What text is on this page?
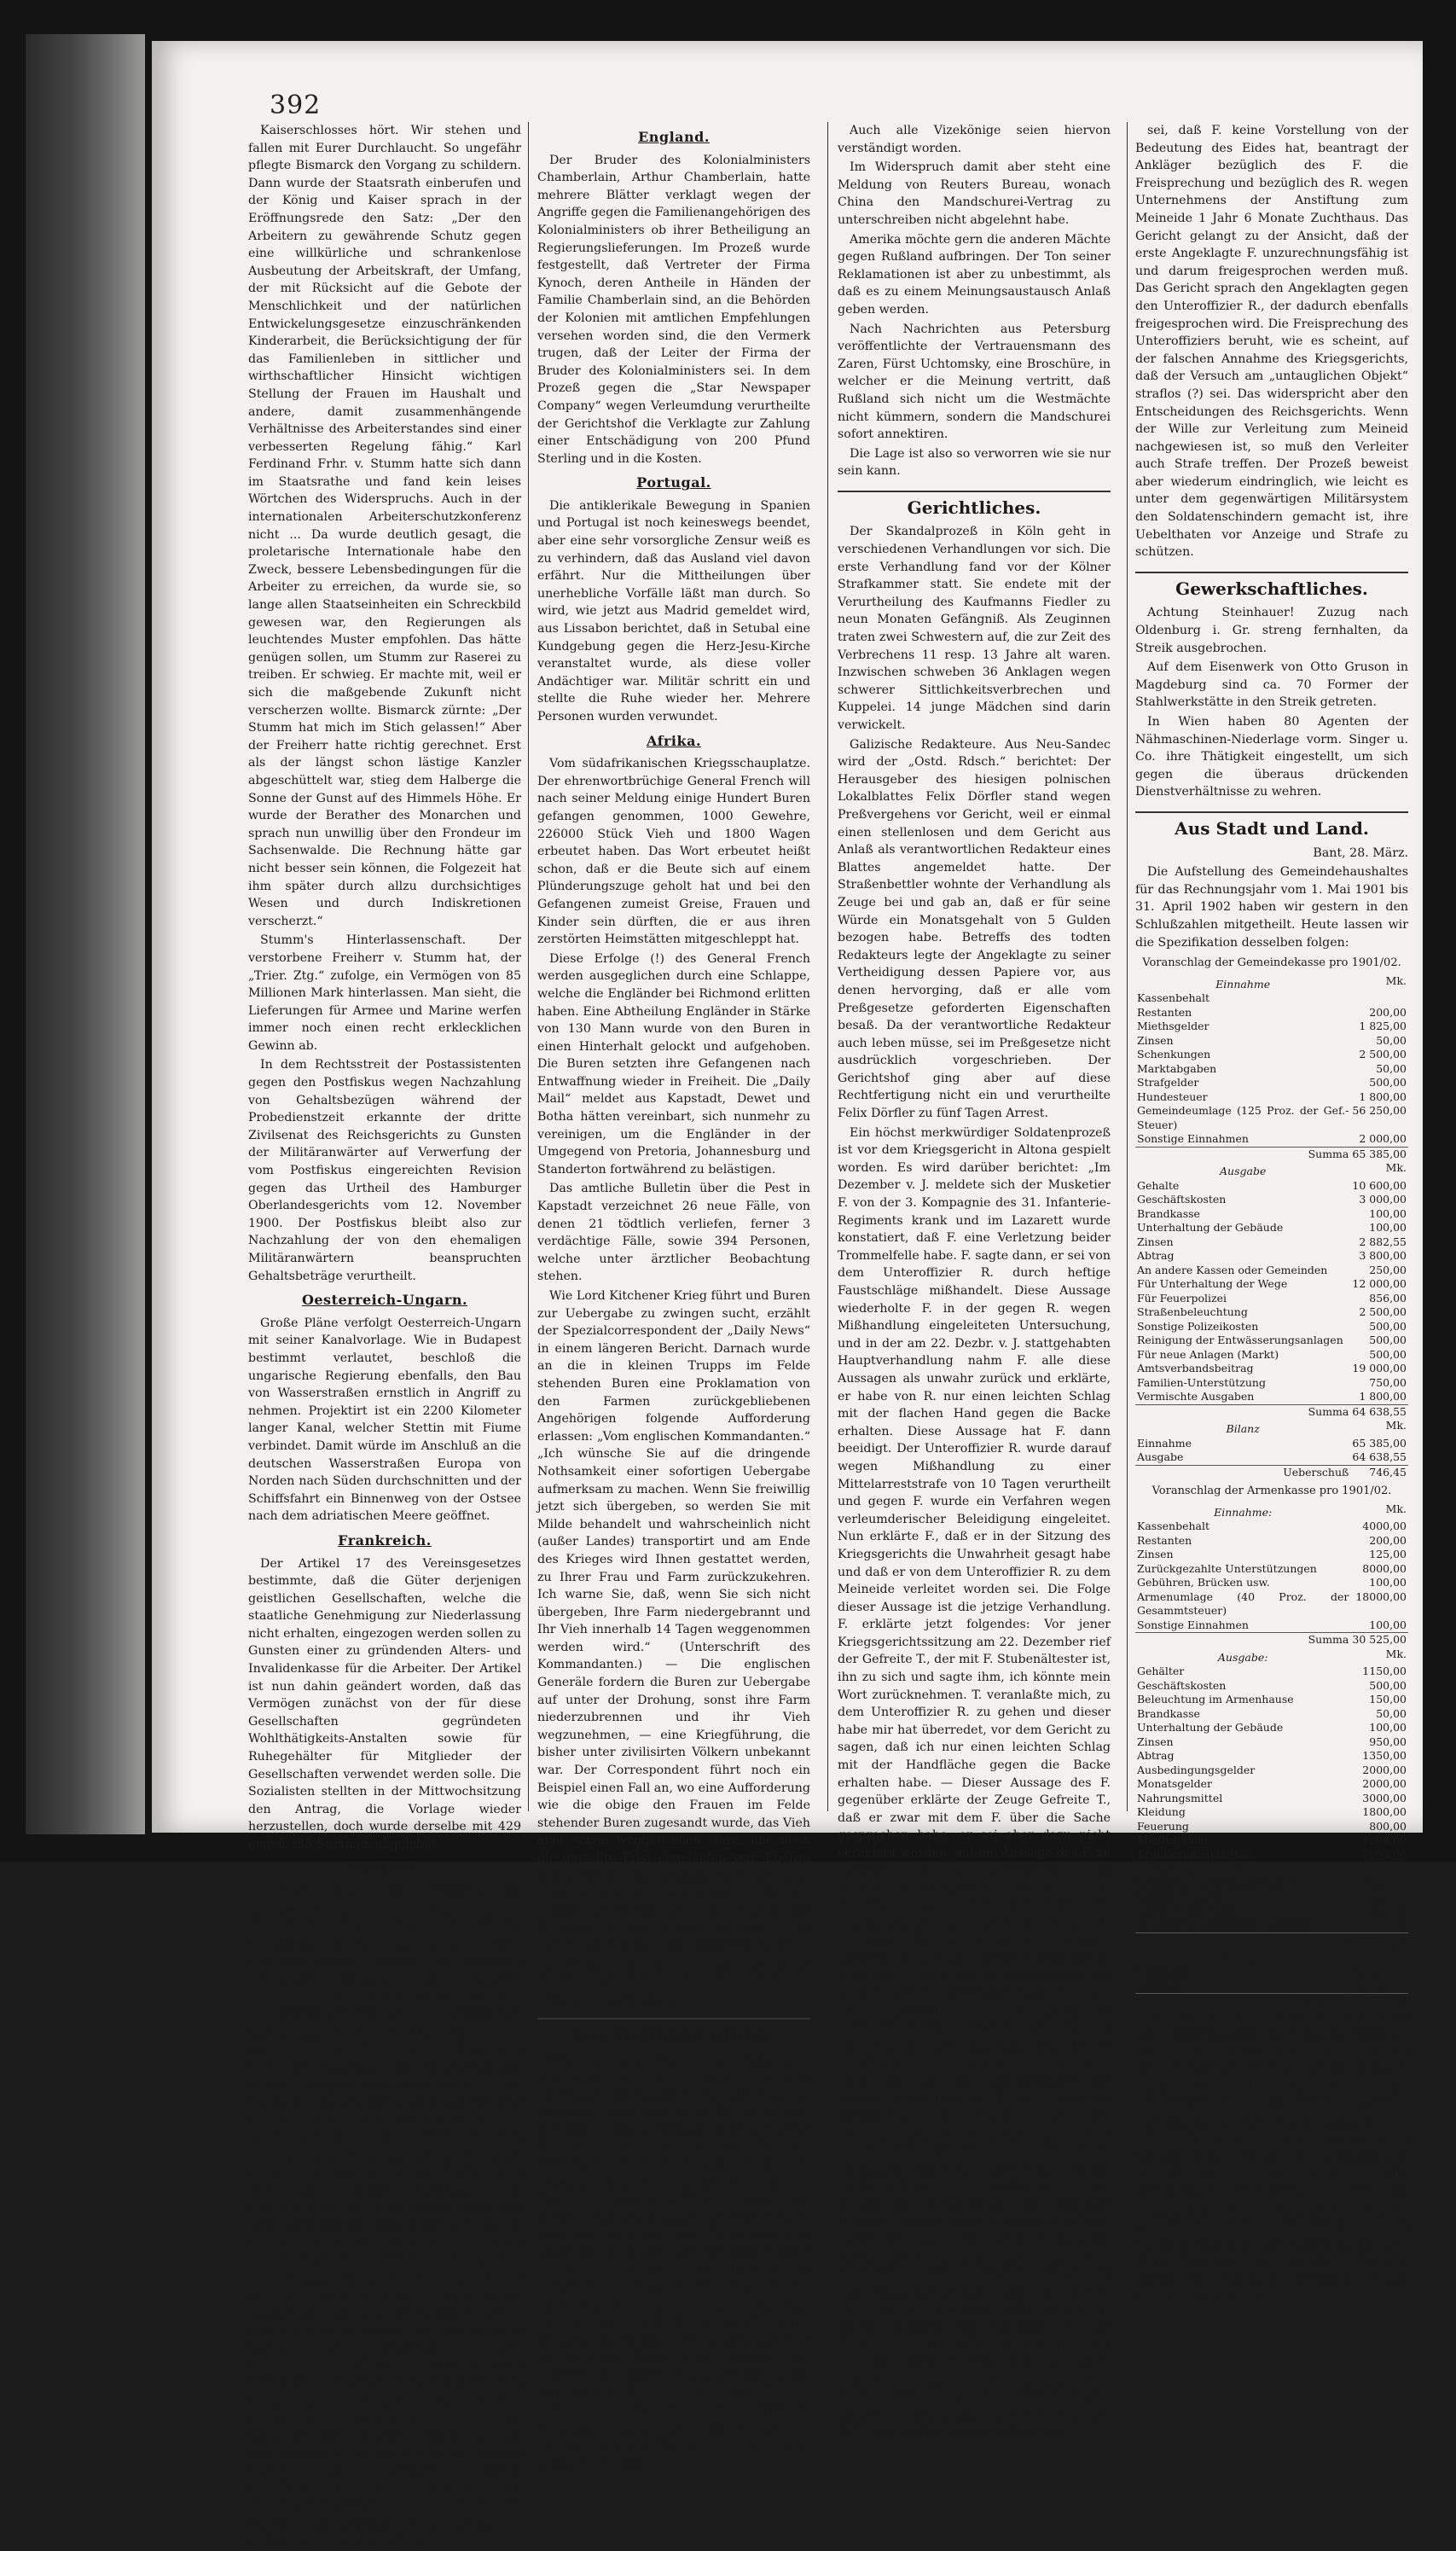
392

Kaiserschlosses hört. Wir stehen und fallen mit Eurer Durchlaucht. So ungefähr pflegte Bismarck den Vorgang zu schildern. Dann wurde der Staatsrath einberufen und der König und Kaiser sprach in der Eröffnungsrede den Satz: „Der den Arbeitern zu gewährende Schutz gegen eine willkürliche und schrankenlose Ausbeutung der Arbeitskraft, der Umfang, der mit Rücksicht auf die Gebote der Menschlichkeit und der natürlichen Entwickelungsgesetze einzuschränkenden Kinderarbeit, die Berücksichtigung der für das Familienleben in sittlicher und wirthschaftlicher Hinsicht wichtigen Stellung der Frauen im Haushalt und andere, damit zusammenhängende Verhältnisse des Arbeiterstandes sind einer verbesserten Regelung fähig.“ Karl Ferdinand Frhr. v. Stumm hatte sich dann im Staatsrathe und fand kein leises Wörtchen des Widerspruchs. Auch in der internationalen Arbeiterschutzkonferenz nicht ... Da wurde deutlich gesagt, die proletarische Internationale habe den Zweck, bessere Lebensbedingungen für die Arbeiter zu erreichen, da wurde sie, so lange allen Staatseinheiten ein Schreckbild gewesen war, den Regierungen als leuchtendes Muster empfohlen. Das hätte genügen sollen, um Stumm zur Raserei zu treiben. Er schwieg. Er machte mit, weil er sich die maßgebende Zukunft nicht verscherzen wollte. Bismarck zürnte: „Der Stumm hat mich im Stich gelassen!“ Aber der Freiherr hatte richtig gerechnet. Erst als der längst schon lästige Kanzler abgeschüttelt war, stieg dem Halberge die Sonne der Gunst auf des Himmels Höhe. Er wurde der Berather des Monarchen und sprach nun unwillig über den Frondeur im Sachsenwalde. Die Rechnung hätte gar nicht besser sein können, die Folgezeit hat ihm später durch allzu durchsichtiges Wesen und durch Indiskretionen verscherzt.“

Stumm's Hinterlassenschaft. Der verstorbene Freiherr v. Stumm hat, der „Trier. Ztg.“ zufolge, ein Vermögen von 85 Millionen Mark hinterlassen. Man sieht, die Lieferungen für Armee und Marine werfen immer noch einen recht erklecklichen Gewinn ab.

In dem Rechtsstreit der Postassistenten gegen den Postfiskus wegen Nachzahlung von Gehaltsbezügen während der Probedienstzeit erkannte der dritte Zivilsenat des Reichsgerichts zu Gunsten der Militäranwärter auf Verwerfung der vom Postfiskus eingereichten Revision gegen das Urtheil des Hamburger Oberlandesgerichts vom 12. November 1900. Der Postfiskus bleibt also zur Nachzahlung der von den ehemaligen Militäranwärtern beanspruchten Gehaltsbeträge verurtheilt.

Oesterreich-Ungarn.

Große Pläne verfolgt Oesterreich-Ungarn mit seiner Kanalvorlage. Wie in Budapest bestimmt verlautet, beschloß die ungarische Regierung ebenfalls, den Bau von Wasserstraßen ernstlich in Angriff zu nehmen. Projektirt ist ein 2200 Kilometer langer Kanal, welcher Stettin mit Fiume verbindet. Damit würde im Anschluß an die deutschen Wasserstraßen Europa von Norden nach Süden durchschnitten und der Schiffsfahrt ein Binnenweg von der Ostsee nach dem adriatischen Meere geöffnet.

Frankreich.

Der Artikel 17 des Vereinsgesetzes bestimmte, daß die Güter derjenigen geistlichen Gesellschaften, welche die staatliche Genehmigung zur Niederlassung nicht erhalten, eingezogen werden sollen zu Gunsten einer zu gründenden Alters- und Invalidenkasse für die Arbeiter. Der Artikel ist nun dahin geändert worden, daß das Vermögen zunächst von der für diese Gesellschaften gegründeten Wohlthätigkeits-Anstalten sowie für Ruhegehälter für Mitglieder der Gesellschaften verwendet werden solle. Die Sozialisten stellten in der Mittwochsitzung den Antrag, die Vorlage wieder herzustellen, doch wurde derselbe mit 429 gegen 135 Stimmen abgelehnt.

Rußland.

Tolstois Dank. Die Erregung der gebildeten Kreise, sowie der Arbeiterkreise, in denen Graf Tolstoj sich größter Popularität erfreut, ist durch dessen Exkommunikation seitens der obersten kirchlichen Behörde, der „Heiligen Synode“, noch weiter verstärkt worden. Am 27. Februar erfolgte der Schuß gegen den Kultusminister. Am 4. März fanden in Petersburg und Charkow zur 40jährigen Feier der Aufhebung der Leibeigenschaft große Kundgebungen statt, die von der Polizei mit zahlreichen Mißhandlungen und Verhaftungen beantwortet wurden. Am 7. März erfolgte die Exkommunikation Tolstojs. Einige Tage darauf wurde Tolstoj, als er in Moskau durch die Straßen ging und dort gerade ebenfalls eine Demonstration der Arbeiter stattfand, mit einer begeisterten Ovation begrüßt, und er wurde aufgefordert, eine Ansprache zu halten. In dieser Ansprache sagte Tolstoj: „Sein Prinzip sei, man solle sich dem Uebel nicht mit Gewalt widersetzen; da nun aber einmal das Volk sich gegen das Uebel in Demonstrationen wahre, so sei es eine Sache der Konsequenz, hierin fortzufahren.“ — Graf Tolstoj beabsichtigte ferner eine Danksagung in der russischen Presse zu veröffentlichen für die ihm erwiesene Sympathie aus Anlaß der Verfügung der „Heiligen Synode“. Da dies aber ebenfalls unmöglich war, so ist dem Blatte, den „Vorwärts“ behufs Veröffentlichung übermittelt worden. In diesem Briefe wird die „Heilige Synode“ mit feinem Spott abgethan. — Es will auch in Rußland nichts mehr gelingen.

England.

Der Bruder des Kolonialministers Chamberlain, Arthur Chamberlain, hatte mehrere Blätter verklagt wegen der Angriffe gegen die Familienangehörigen des Kolonialministers ob ihrer Betheiligung an Regierungslieferungen. Im Prozeß wurde festgestellt, daß Vertreter der Firma Kynoch, deren Antheile in Händen der Familie Chamberlain sind, an die Behörden der Kolonien mit amtlichen Empfehlungen versehen worden sind, die den Vermerk trugen, daß der Leiter der Firma der Bruder des Kolonialministers sei. In dem Prozeß gegen die „Star Newspaper Company“ wegen Verleumdung verurtheilte der Gerichtshof die Verklagte zur Zahlung einer Entschädigung von 200 Pfund Sterling und in die Kosten.

Portugal.

Die antiklerikale Bewegung in Spanien und Portugal ist noch keineswegs beendet, aber eine sehr vorsorgliche Zensur weiß es zu verhindern, daß das Ausland viel davon erfährt. Nur die Mittheilungen über unerhebliche Vorfälle läßt man durch. So wird, wie jetzt aus Madrid gemeldet wird, aus Lissabon berichtet, daß in Setubal eine Kundgebung gegen die Herz-Jesu-Kirche veranstaltet wurde, als diese voller Andächtiger war. Militär schritt ein und stellte die Ruhe wieder her. Mehrere Personen wurden verwundet.

Afrika.

Vom südafrikanischen Kriegsschauplatze. Der ehrenwortbrüchige General French will nach seiner Meldung einige Hundert Buren gefangen genommen, 1000 Gewehre, 226000 Stück Vieh und 1800 Wagen erbeutet haben. Das Wort erbeutet heißt schon, daß er die Beute sich auf einem Plünderungszuge geholt hat und bei den Gefangenen zumeist Greise, Frauen und Kinder sein dürften, die er aus ihren zerstörten Heimstätten mitgeschleppt hat.

Diese Erfolge (!) des General French werden ausgeglichen durch eine Schlappe, welche die Engländer bei Richmond erlitten haben. Eine Abtheilung Engländer in Stärke von 130 Mann wurde von den Buren in einen Hinterhalt gelockt und aufgehoben. Die Buren setzten ihre Gefangenen nach Entwaffnung wieder in Freiheit. Die „Daily Mail“ meldet aus Kapstadt, Dewet und Botha hätten vereinbart, sich nunmehr zu vereinigen, um die Engländer in der Umgegend von Pretoria, Johannesburg und Standerton fortwährend zu belästigen.

Das amtliche Bulletin über die Pest in Kapstadt verzeichnet 26 neue Fälle, von denen 21 tödtlich verliefen, ferner 3 verdächtige Fälle, sowie 394 Personen, welche unter ärztlicher Beobachtung stehen.

Wie Lord Kitchener Krieg führt und Buren zur Uebergabe zu zwingen sucht, erzählt der Spezialcorrespondent der „Daily News“ in einem längeren Bericht. Darnach wurde an die in kleinen Trupps im Felde stehenden Buren eine Proklamation von den Farmen zurückgebliebenen Angehörigen folgende Aufforderung erlassen: „Vom englischen Kommandanten.“ „Ich wünsche Sie auf die dringende Nothsamkeit einer sofortigen Uebergabe aufmerksam zu machen. Wenn Sie freiwillig jetzt sich übergeben, so werden Sie mit Milde behandelt und wahrscheinlich nicht (außer Landes) transportirt und am Ende des Krieges wird Ihnen gestattet werden, zu Ihrer Frau und Farm zurückzukehren. Ich warne Sie, daß, wenn Sie sich nicht übergeben, Ihre Farm niedergebrannt und Ihr Vieh innerhalb 14 Tagen weggenommen werden wird.“ (Unterschrift des Kommandanten.) — Die englischen Generäle fordern die Buren zur Uebergabe auf unter der Drohung, sonst ihre Farm niederzubrennen und ihr Vieh wegzunehmen, — eine Kriegführung, die bisher unter zivilisirten Völkern unbekannt war. Der Correspondent führt noch ein Beispiel einen Fall an, wo eine Aufforderung wie die obige den Frauen im Felde stehender Buren zugesandt wurde, das Vieh aber schon weggetrieben ward, ehe noch die gestellte Frist abgelaufen war. Ebenso wurde bereits am zwölften Tage die Farm abgebrannt. In anderen Fällen erhielten die Frauen ein kurzes Avis, in Englisch und Holländisch, das einfach lautete: „Der Inhalt des Hauses, der gesammte lebende Viehbestand, die Speisevorräthe des (folgt Name), welcher sich auf Kommando befindet, sind konfiszirt.“

Die Wirren in China.

Was aus dem Mandschurei-Abkommen wird, ist noch ungewiß. Am Dienstag war die China von Rußland gestellte Frist für Unterzeichnung abgelaufen. Rußland hatte, wie vom Montag gemeldet wird, als letzte Konzession vor Ablauf der für die Unterzeichnung gestellten Frist vor einigen Tagen durch den chinesischen Gesandten in Petersburg Jang-tsi mittheilen lassen, daß es bereit ist, den Artikel 6 des Vertrages zu streichen, nach welchem China das Recht haben sollte, in den Nordprovinzen fremde Marine- und Militär-Instruktoren zu verwenden. China aber verlangt noch, daß das Abkommen zu unterzeichnen. Jedenfalls hat es die von Rußland gestellte Frist verstreichen lassen. Der chinesische Hof hat, wie die „Times“ den Shanghai vom Dienstag aus bester Quelle erfahren haben will, Li-Hung-Tschang und den Prinzen Tsching angewiesen, den fremden Gesandten mitzutheilen, daß China sich geweigert hat, das Mandschurei-Abkommen in seiner jetzigen

Auch alle Vizekönige seien hiervon verständigt worden.

Im Widerspruch damit aber steht eine Meldung von Reuters Bureau, wonach China den Mandschurei-Vertrag zu unterschreiben nicht abgelehnt habe.

Amerika möchte gern die anderen Mächte gegen Rußland aufbringen. Der Ton seiner Reklamationen ist aber zu unbestimmt, als daß es zu einem Meinungsaustausch Anlaß geben werden.

Nach Nachrichten aus Petersburg veröffentlichte der Vertrauensmann des Zaren, Fürst Uchtomsky, eine Broschüre, in welcher er die Meinung vertritt, daß Rußland sich nicht um die Westmächte nicht kümmern, sondern die Mandschurei sofort annektiren.

Die Lage ist also so verworren wie sie nur sein kann.

Gerichtliches.

Der Skandalprozeß in Köln geht in verschiedenen Verhandlungen vor sich. Die erste Verhandlung fand vor der Kölner Strafkammer statt. Sie endete mit der Verurtheilung des Kaufmanns Fiedler zu neun Monaten Gefängniß. Als Zeuginnen traten zwei Schwestern auf, die zur Zeit des Verbrechens 11 resp. 13 Jahre alt waren. Inzwischen schweben 36 Anklagen wegen schwerer Sittlichkeitsverbrechen und Kuppelei. 14 junge Mädchen sind darin verwickelt.

Galizische Redakteure. Aus Neu-Sandec wird der „Ostd. Rdsch.“ berichtet: Der Herausgeber des hiesigen polnischen Lokalblattes Felix Dörfler stand wegen Preßvergehens vor Gericht, weil er einmal einen stellenlosen und dem Gericht aus Anlaß als verantwortlichen Redakteur eines Blattes angemeldet hatte. Der Straßenbettler wohnte der Verhandlung als Zeuge bei und gab an, daß er für seine Würde ein Monatsgehalt von 5 Gulden bezogen habe. Betreffs des todten Redakteurs legte der Angeklagte zu seiner Vertheidigung dessen Papiere vor, aus denen hervorging, daß er alle vom Preßgesetze geforderten Eigenschaften besaß. Da der verantwortliche Redakteur auch leben müsse, sei im Preßgesetze nicht ausdrücklich vorgeschrieben. Der Gerichtshof ging aber auf diese Rechtfertigung nicht ein und verurtheilte Felix Dörfler zu fünf Tagen Arrest.

Ein höchst merkwürdiger Soldatenprozeß ist vor dem Kriegsgericht in Altona gespielt worden. Es wird darüber berichtet: „Im Dezember v. J. meldete sich der Musketier F. von der 3. Kompagnie des 31. Infanterie-Regiments krank und im Lazarett wurde konstatiert, daß F. eine Verletzung beider Trommelfelle habe. F. sagte dann, er sei von dem Unteroffizier R. durch heftige Faustschläge mißhandelt. Diese Aussage wiederholte F. in der gegen R. wegen Mißhandlung eingeleiteten Untersuchung, und in der am 22. Dezbr. v. J. stattgehabten Hauptverhandlung nahm F. alle diese Aussagen als unwahr zurück und erklärte, er habe von R. nur einen leichten Schlag mit der flachen Hand gegen die Backe erhalten. Diese Aussage hat F. dann beeidigt. Der Unteroffizier R. wurde darauf wegen Mißhandlung zu einer Mittelarreststrafe von 10 Tagen verurtheilt und gegen F. wurde ein Verfahren wegen verleumderischer Beleidigung eingeleitet. Nun erklärte F., daß er in der Sitzung des Kriegsgerichts die Unwahrheit gesagt habe und daß er von dem Unteroffizier R. zu dem Meineide verleitet worden sei. Die Folge dieser Aussage ist die jetzige Verhandlung. F. erklärte jetzt folgendes: Vor jener Kriegsgerichtssitzung am 22. Dezember rief der Gefreite T., der mit F. Stubenältester ist, ihn zu sich und sagte ihm, ich könnte mein Wort zurücknehmen. T. veranlaßte mich, zu dem Unteroffizier R. zu gehen und dieser habe mir hat überredet, vor dem Gericht zu sagen, daß ich nur einen leichten Schlag mit der Handfläche gegen die Backe erhalten habe. — Dieser Aussage des F. gegenüber erklärte der Zeuge Gefreite T., daß er zwar mit dem F. über die Sache gesprochen habe, er sei aber dazu nicht veranlaßt worden, auf die Aussage des F. zu Gunsten des R. einzuwirken. Der Unteroffizier R. giebt zu, daß er dem F. gesagt hat, er habe ihm nur einen leichten Schlag gegeben; doch bestreitet R., den F. zu dem Meineid bestimmt zu haben. Dagegen erklärt der Zeuge Unteroffizier B. folgendes: Zeuge sei hinzugekommen, als R. mit dem F. verhandelt habe. F. habe damals „geheult“ und zu R. gesagt, er könne das nicht beschwören. Da sich über die geistige Zurechnungsfähigkeit des F. Zweifel erhoben haben, sind ärztliche Gutachten über den Geisteszustand und besonders darüber, ob F. sich über die Bedeutung des Eides klar ist, herbeigezogen. Die Gutachten gehen weit auseinander. Während in dem einen Gutachten gesagt wird, daß F. freilich in der geistigen Bildung zurückgeblieben ist, daß er aber von der Bedeutung des Eides eine richtige Auffassung habe, besagt ein Ober-Gutachten, daß F. von dem Eid eine klare Auffassung nicht hat, daß sogar seine geistigen Anlagen so schwach sind, daß er zum Militärdienst nicht tauglich ist. Der Vertreter der Anklage beantragt gegen F. wegen wissentlichen Meineids 1 Jahr Zuchthaus, 2 Jahre Ehrverlust, Entfernung aus dem Heere und Unfähigkeit, als Zeuge eidlich vernommen zu werden, gegen R. 3 Jahre Zuchthaus, 3 Jahre Ehrverlust und die übrigen Nebenstrafen wie bei F. Für den Fall, daß das Gericht der Auffassung

sei, daß F. keine Vorstellung von der Bedeutung des Eides hat, beantragt der Ankläger bezüglich des F. die Freisprechung und bezüglich des R. wegen Unternehmens der Anstiftung zum Meineide 1 Jahr 6 Monate Zuchthaus. Das Gericht gelangt zu der Ansicht, daß der erste Angeklagte F. unzurechnungsfähig ist und darum freigesprochen werden muß. Das Gericht sprach den Angeklagten gegen den Unteroffizier R., der dadurch ebenfalls freigesprochen wird. Die Freisprechung des Unteroffiziers beruht, wie es scheint, auf der falschen Annahme des Kriegsgerichts, daß der Versuch am „untauglichen Objekt“ straflos (?) sei. Das widerspricht aber den Entscheidungen des Reichsgerichts. Wenn der Wille zur Verleitung zum Meineid nachgewiesen ist, so muß den Verleiter auch Strafe treffen. Der Prozeß beweist aber wiederum eindringlich, wie leicht es unter dem gegenwärtigen Militärsystem den Soldatenschindern gemacht ist, ihre Uebelthaten vor Anzeige und Strafe zu schützen.

Gewerkschaftliches.

Achtung Steinhauer! Zuzug nach Oldenburg i. Gr. streng fernhalten, da Streik ausgebrochen.

Auf dem Eisenwerk von Otto Gruson in Magdeburg sind ca. 70 Former der Stahlwerkstätte in den Streik getreten.

In Wien haben 80 Agenten der Nähmaschinen-Niederlage vorm. Singer u. Co. ihre Thätigkeit eingestellt, um sich gegen die überaus drückenden Dienstverhältnisse zu wehren.

Aus Stadt und Land.
Bant, 28. März.

Die Aufstellung des Gemeindehaushaltes für das Rechnungsjahr vom 1. Mai 1901 bis 31. April 1902 haben wir gestern in den Schlußzahlen mitgetheilt. Heute lassen wir die Spezifikation desselben folgen:

Voranschlag der Gemeindekasse pro 1901/02.
Einnahme	Mk.
Kassenbehalt	
Restanten	200,00
Miethsgelder	1 825,00
Zinsen	50,00
Schenkungen	2 500,00
Marktabgaben	50,00
Strafgelder	500,00
Hundesteuer	1 800,00
Gemeindeumlage (125 Proz. der Gef.-Steuer)	56 250,00
Sonstige Einnahmen	2 000,00
Summa	65 385,00
Ausgabe	Mk.
Gehalte	10 600,00
Geschäftskosten	3 000,00
Brandkasse	100,00
Unterhaltung der Gebäude	100,00
Zinsen	2 882,55
Abtrag	3 800,00
An andere Kassen oder Gemeinden	250,00
Für Unterhaltung der Wege	12 000,00
Für Feuerpolizei	856,00
Straßenbeleuchtung	2 500,00
Sonstige Polizeikosten	500,00
Reinigung der Entwässerungsanlagen	500,00
Für neue Anlagen (Markt)	500,00
Amtsverbandsbeitrag	19 000,00
Familien-Unterstützung	750,00
Vermischte Ausgaben	1 800,00
Summa	64 638,55
Bilanz	Mk.
Einnahme	65 385,00
Ausgabe	64 638,55
Ueberschuß	746,45
Voranschlag der Armenkasse pro 1901/02.
Einnahme:	Mk.
Kassenbehalt	4000,00
Restanten	200,00
Zinsen	125,00
Zurückgezahlte Unterstützungen	8000,00
Gebühren, Brücken usw.	100,00
Armenumlage (40 Proz. der Gesammtsteuer)	18000,00
Sonstige Einnahmen	100,00
Summa	30 525,00
Ausgabe:	Mk.
Gehälter	1150,00
Geschäftskosten	500,00
Beleuchtung im Armenhause	150,00
Brandkasse	50,00
Unterhaltung der Gebäude	100,00
Zinsen	950,00
Abtrag	1350,00
Ausbedingungsgelder	2000,00
Monatsgelder	2000,00
Nahrungsmittel	3000,00
Kleidung	1800,00
Feuerung	800,00
Miethsgelder	1200,00
Krankenpflegekosten	7000,00
Schulunterrichtskosten	3500,00
Kosten für skrophulöse Kinder	1500,00
Rohmaterialien	500,00
Sonstige Ausgaben	300,00
An andere Gemeinden (Neuende)	3,00
Summa	28 753,00
Bilanz:	Mk.
Einnahme	30 525,00
Ausgabe	28 753,00
Ueberschuß	1772,00

Bei den Einnahmen des Voranschlages der Gemeindekasse sei zunächst bemerkt, daß ein Kassenbehalt aus dem Vorjahre nicht vorhanden ist. Die Gemeindeumlage wird, wenn die 125 Proz. der Gesammtsteuer angenommen werden, voraussichtlich eine Mehreinnahme von 8250 Mk. bringen. Für das laufende Rechnungsjahr wurde die Einnahme aus der Gemeindeumlage mit 48000 Mk. veranschlagt und betrug 120 Proz. der Gesammtsteuer. Die Ausgaben sind nicht wesentlich höher veranschlagt als im Vorjahre. Eine Erhöhung finden wir bei dem Titel „Gehälter“ von 900 Mk., 9700 Mk. waren im Vorjahre angesetzt. Mehr angesetzt ist auch der
